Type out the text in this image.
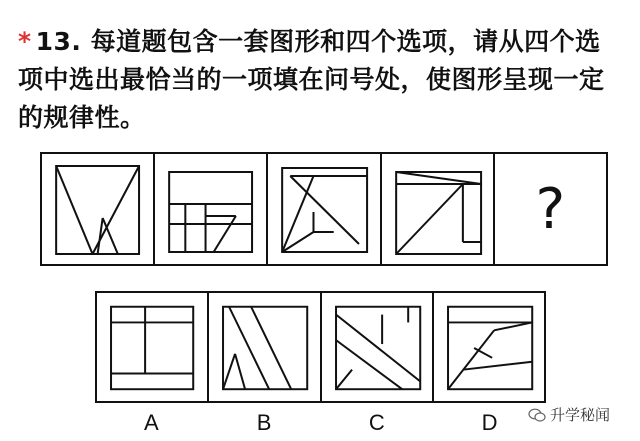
* 13. 每道题包含一套图形和四个选项，请从四个选项中选出最恰当的一项填在问号处，使图形呈现一定的规律性。
?
A	B	C	D	升学秘闻
